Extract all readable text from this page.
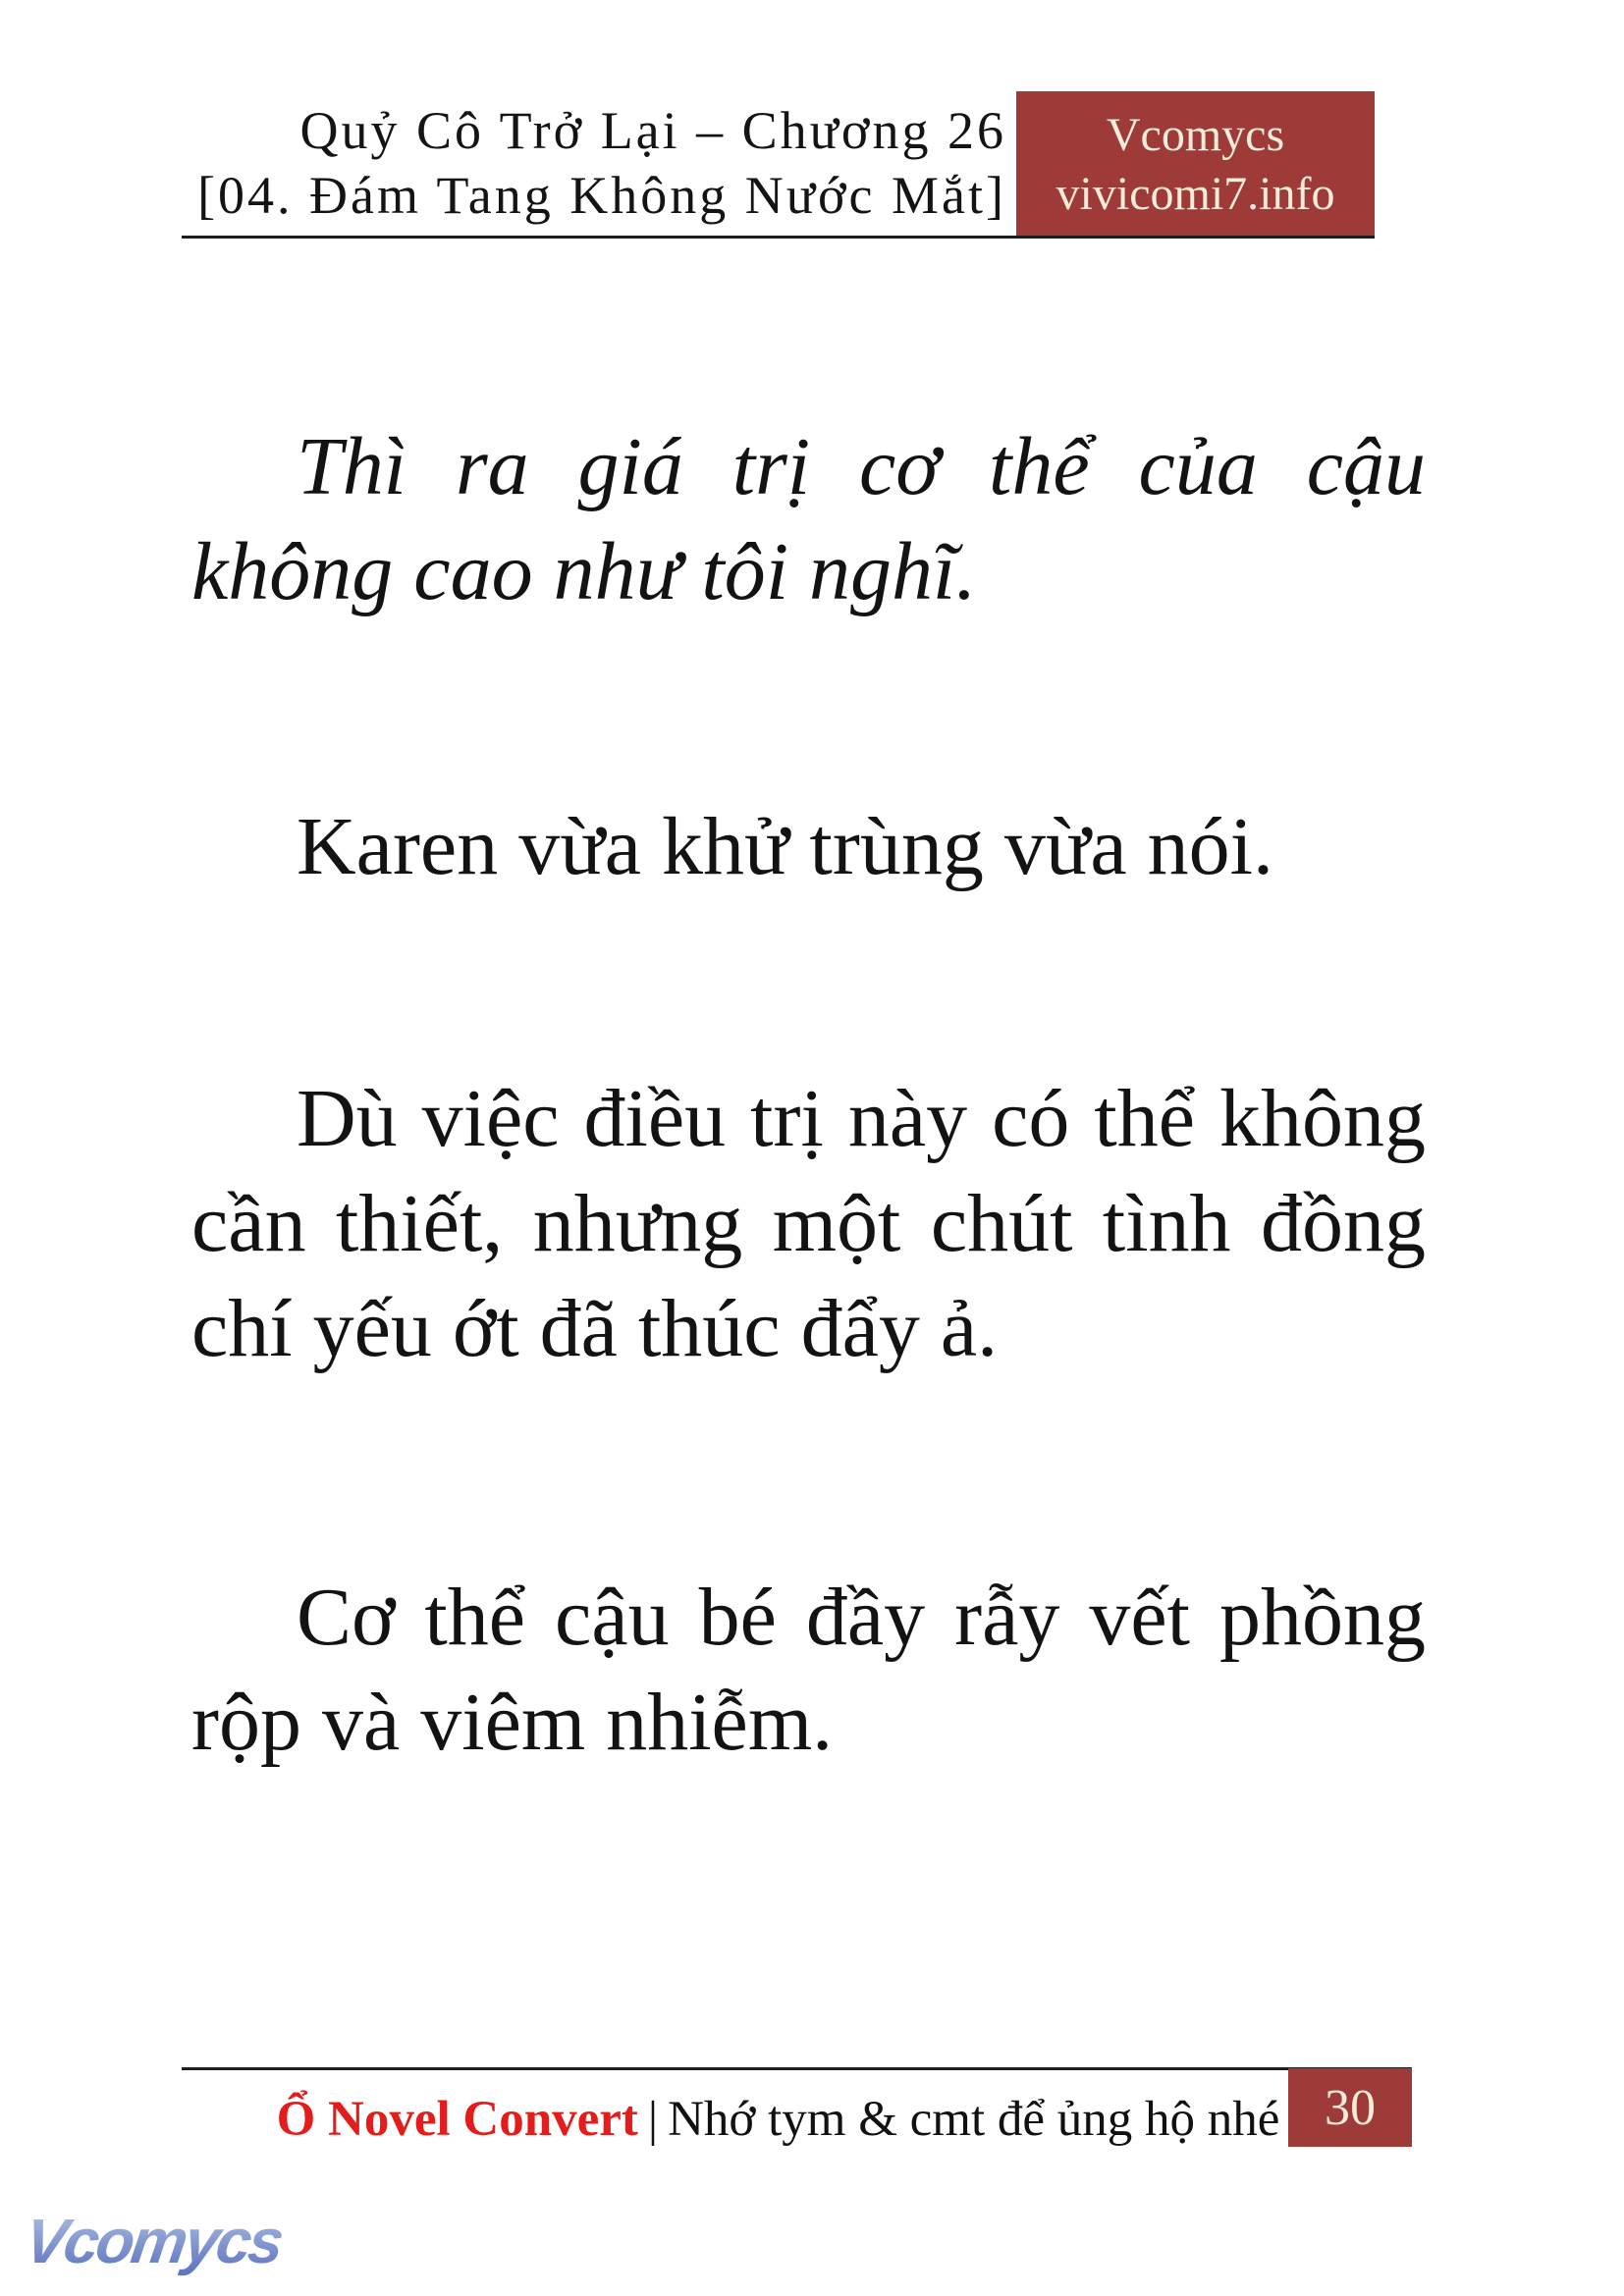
Quỷ Cô Trở Lại – Chương 26
[04. Đám Tang Không Nước Mắt]
Vcomycs
vivicomi7.info
Thì ra giá trị cơ thể của cậu
không cao như tôi nghĩ.
Karen vừa khử trùng vừa nói.
Dù việc điều trị này có thể không
cần thiết, nhưng một chút tình đồng
chí yếu ớt đã thúc đẩy ả.
Cơ thể cậu bé đầy rẫy vết phồng
rộp và viêm nhiễm.
Ổ Novel Convert | Nhớ tym & cmt để ủng hộ nhé 30
Vcomycs
